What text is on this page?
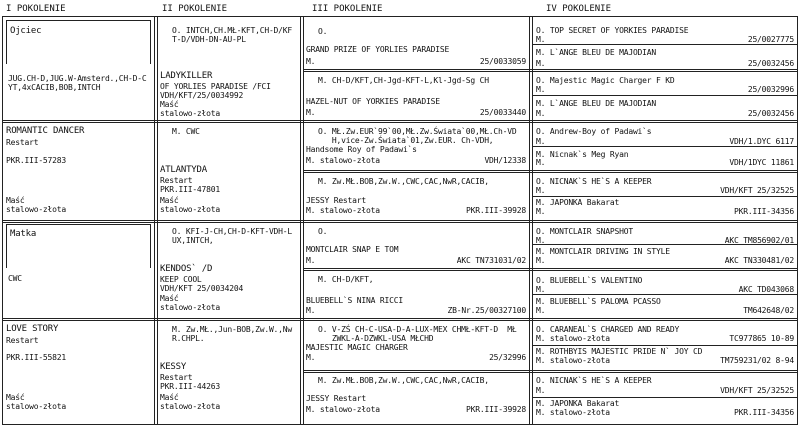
I POKOLENIE	II POKOLENIE	III POKOLENIE	IV POKOLENIE
Ojciec
JUG.CH-D,JUG.W-Amsterd.,CH-D-C
YT,4xCACIB,BOB,INTCH
ROMANTIC DANCER
Restart
PKR.III-57283
Maść
stalowo-złota
Matka
CWC
LOVE STORY
Restart
PKR.III-55821
Maść
stalowo-złota
O. INTCH,CH.MŁ-KFT,CH-D/KF
T-D/VDH-DN-AU-PL
LADYKILLER
OF YORLIES PARADISE /FCI
VDH/KFT/25/0034992
Maść
stalowo-złota
M. CWC
ATLANTYDA
Restart
PKR.III-47801
Maść
stalowo-złota
O. KFI-J-CH,CH-D-KFT-VDH-L
UX,INTCH,
KENDOS` /D
KEEP COOL
VDH/KFT 25/0034204
Maść
stalowo-złota
M. Zw.MŁ.,Jun-BOB,Zw.W.,Nw
R.CHPL.
KESSY
Restart
PKR.III-44263
Maść
stalowo-złota
O.
GRAND PRIZE OF YORLIES PARADISE
M.	25/0033059
M. CH-D/KFT,CH-Jgd-KFT-L,Kl-Jgd-Sg CH
HAZEL-NUT OF YORKIES PARADISE
M.	25/0033440
O. MŁ.Zw.EUR`99`00,MŁ.Zw.Świata`00,MŁ.Ch-VD
H,vice-Zw.Świata`01,Zw.EUR. Ch-VDH,
Handsome Roy of Padawi`s
M. stalowo-złota	VDH/12338
M. Zw.MŁ.BOB,Zw.W.,CWC,CAC,NwR,CACIB,
JESSY Restart
M. stalowo-złota	PKR.III-39928
O.
MONTCLAIR SNAP E TOM
M.	AKC TN731031/02
M. CH-D/KFT,
BLUEBELL`S NINA RICCI
M.	ZB-Nr.25/00327100
O. V-ZŚ CH-C-USA-D-A-LUX-MEX CHMŁ-KFT-D  MŁ
ZWKL-A-DZWKL-USA MŁCHD
MAJESTIC MAGIC CHARGER
M.	25/32996
M. Zw.MŁ.BOB,Zw.W.,CWC,CAC,NwR,CACIB,
JESSY Restart
M. stalowo-złota	PKR.III-39928
O. TOP SECRET OF YORKIES PARADISE
M.	25/0027775
M. L`ANGE BLEU DE MAJODIAN
M.	25/0032456
O. Majestic Magic Charger F KD
M.	25/0032996
M. L`ANGE BLEU DE MAJODIAN
M.	25/0032456
O. Andrew-Boy of Padawi`s
M.	VDH/1.DYC 6117
M. Nicnak`s Meg Ryan
M.	VDH/1DYC 11861
O. NICNAK`S HE`S A KEEPER
M.	VDH/KFT 25/32525
M. JAPONKA Bakarat
M.	PKR.III-34356
O. MONTCLAIR SNAPSHOT
M.	AKC TM856902/01
M. MONTCLAIR DRIVING IN STYLE
M.	AKC TN330481/02
O. BLUEBELL`S VALENTINO
M.	AKC TD043068
M. BLUEBELL`S PALOMA PCASSO
M.	TM642648/02
O. CARANEAL`S CHARGED AND READY
M. stalowo-złota	TC977865 10-89
M. ROTHBYIS MAJESTIC PRIDE N` JOY CD
M. stalowo-złota	TM759231/02 8-94
O. NICNAK`S HE`S A KEEPER
M.	VDH/KFT 25/32525
M. JAPONKA Bakarat
M. stalowo-złota	PKR.III-34356
